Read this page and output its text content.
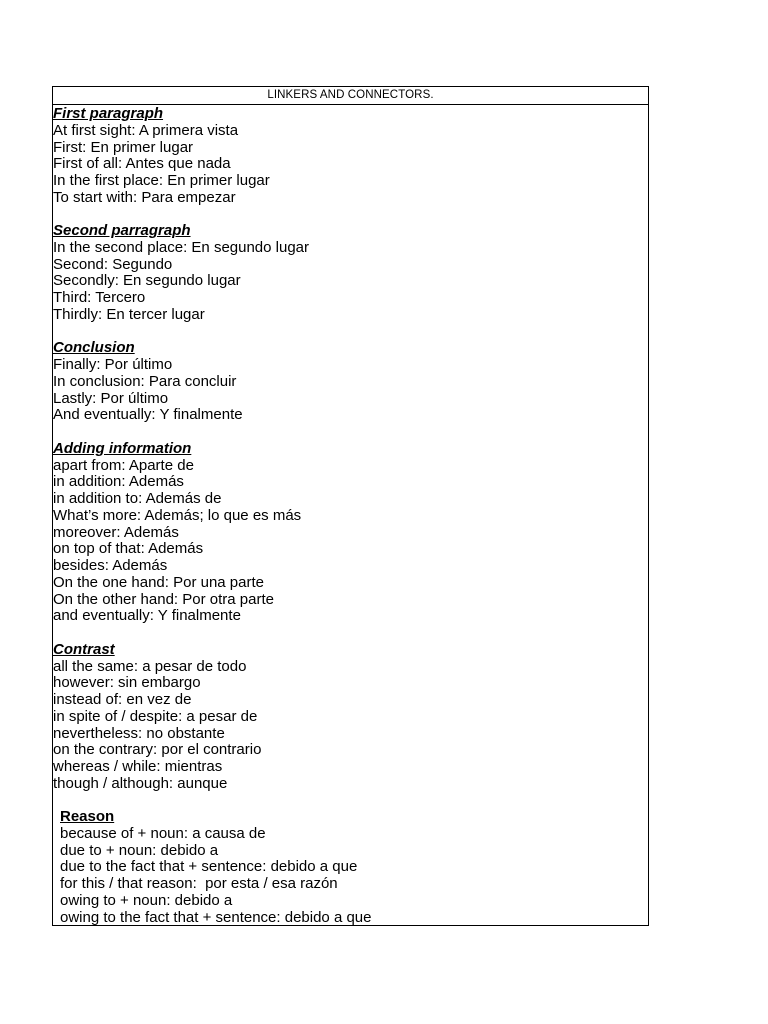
LINKERS AND CONNECTORS.
First paragraph
At first sight: A primera vista
First: En primer lugar
First of all: Antes que nada
In the first place: En primer lugar
To start with: Para empezar
Second parragraph
In the second place: En segundo lugar
Second: Segundo
Secondly: En segundo lugar
Third: Tercero
Thirdly: En tercer lugar
Conclusion
Finally: Por último
In conclusion: Para concluir
Lastly: Por último
And eventually: Y finalmente
Adding information
apart from: Aparte de
in addition: Además
in addition to: Además de
What’s more: Además; lo que es más
moreover: Además
on top of that: Además
besides: Además
On the one hand: Por una parte
On the other hand: Por otra parte
and eventually: Y finalmente
Contrast
all the same: a pesar de todo
however: sin embargo
instead of: en vez de
in spite of / despite: a pesar de
nevertheless: no obstante
on the contrary: por el contrario
whereas / while: mientras
though / although: aunque
Reason
because of + noun: a causa de
due to + noun: debido a
due to the fact that + sentence: debido a que
for this / that reason:  por esta / esa razón
owing to + noun: debido a
owing to the fact that + sentence: debido a que
